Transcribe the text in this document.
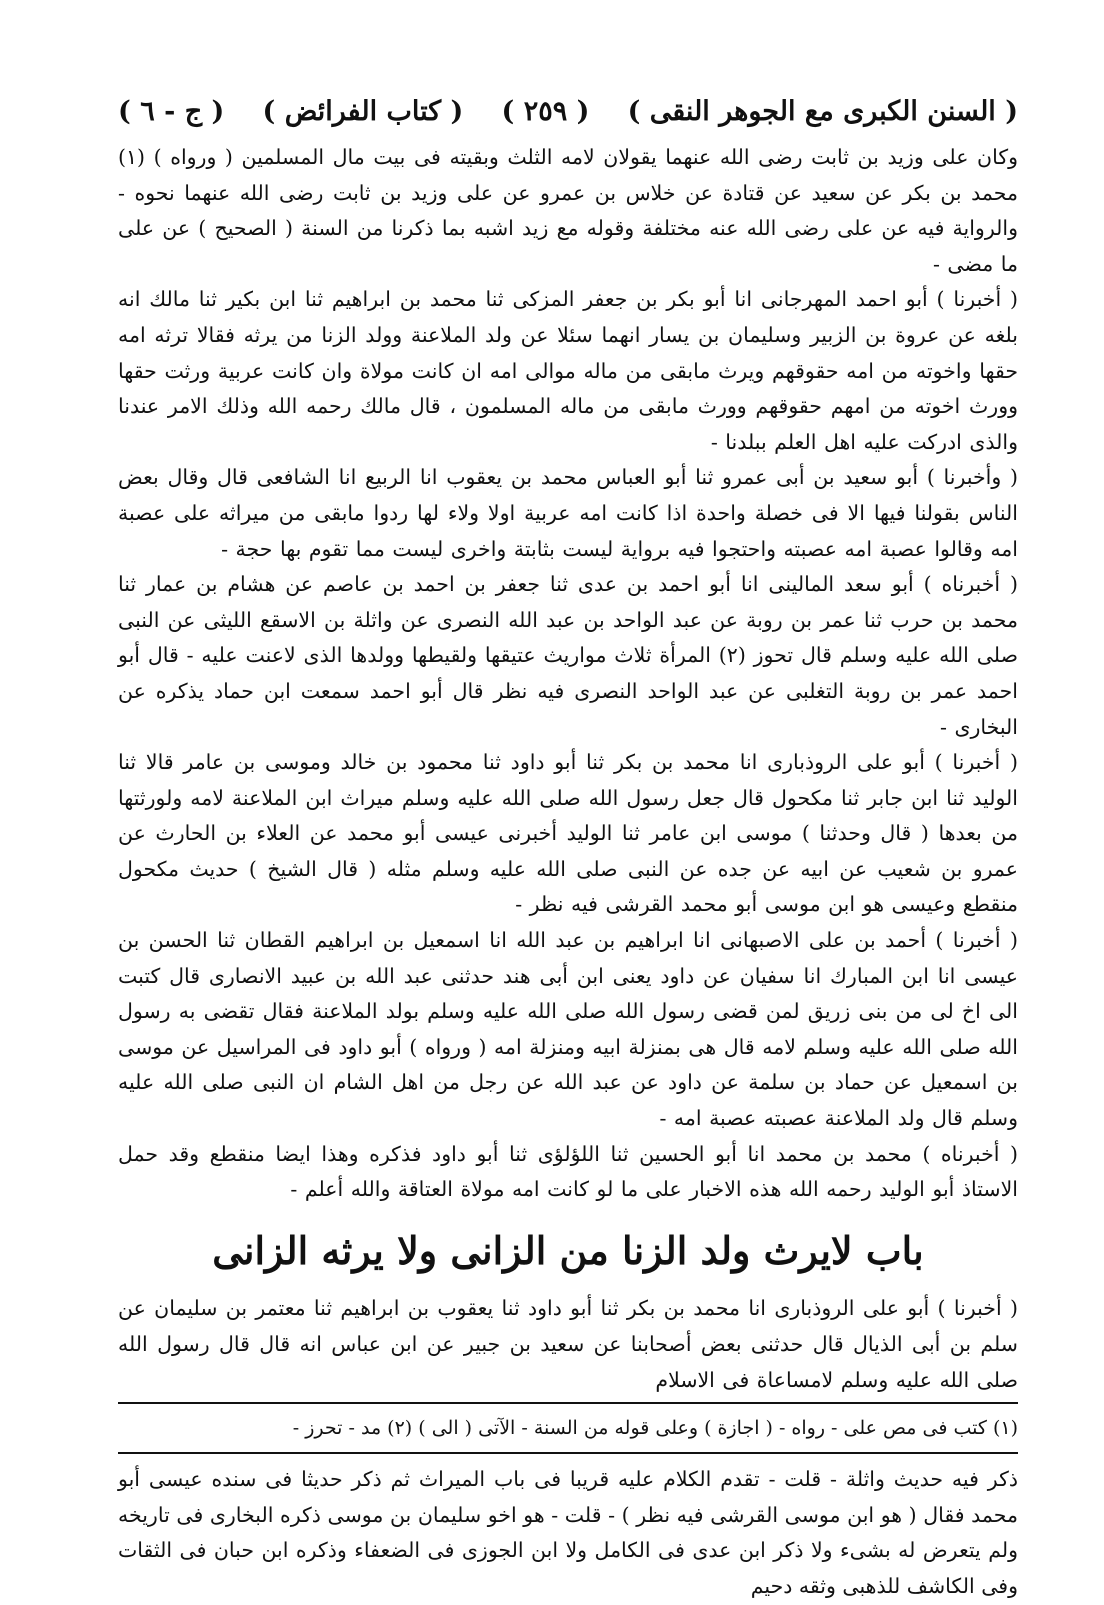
( السنن الكبرى مع الجوهر النقى )
( ٢٥٩ )
( كتاب الفرائض )
( ج - ٦ )

وكان على وزيد بن ثابت رضى الله عنهما يقولان لامه الثلث وبقيته فى بيت مال المسلمين ( ورواه ) (١) محمد بن بكر عن سعيد عن قتادة عن خلاس بن عمرو عن على وزيد بن ثابت رضى الله عنهما نحوه - والرواية فيه عن على رضى الله عنه مختلفة وقوله مع زيد اشبه بما ذكرنا من السنة ( الصحيح ) عن على ما مضى -

( أخبرنا ) أبو احمد المهرجانى انا أبو بكر بن جعفر المزكى ثنا محمد بن ابراهيم ثنا ابن بكير ثنا مالك انه بلغه عن عروة بن الزبير وسليمان بن يسار انهما سئلا عن ولد الملاعنة وولد الزنا من يرثه فقالا ترثه امه حقها واخوته من امه حقوقهم ويرث مابقى من ماله موالى امه ان كانت مولاة وان كانت عربية ورثت حقها وورث اخوته من امهم حقوقهم وورث مابقى من ماله المسلمون ، قال مالك رحمه الله وذلك الامر عندنا والذى ادركت عليه اهل العلم ببلدنا -

( وأخبرنا ) أبو سعيد بن أبى عمرو ثنا أبو العباس محمد بن يعقوب انا الربيع انا الشافعى قال وقال بعض الناس بقولنا فيها الا فى خصلة واحدة اذا كانت امه عربية اولا ولاء لها ردوا مابقى من ميراثه على عصبة امه وقالوا عصبة امه عصبته واحتجوا فيه برواية ليست بثابتة واخرى ليست مما تقوم بها حجة -

( أخبرناه ) أبو سعد المالينى انا أبو احمد بن عدى ثنا جعفر بن احمد بن عاصم عن هشام بن عمار ثنا محمد بن حرب ثنا عمر بن روبة عن عبد الواحد بن عبد الله النصرى عن واثلة بن الاسقع الليثى عن النبى صلى الله عليه وسلم قال تحوز (٢) المرأة ثلاث مواريث عتيقها ولقيطها وولدها الذى لاعنت عليه - قال أبو احمد عمر بن روبة التغلبى عن عبد الواحد النصرى فيه نظر قال أبو احمد سمعت ابن حماد يذكره عن البخارى -

( أخبرنا ) أبو على الروذبارى انا محمد بن بكر ثنا أبو داود ثنا محمود بن خالد وموسى بن عامر قالا ثنا الوليد ثنا ابن جابر ثنا مكحول قال جعل رسول الله صلى الله عليه وسلم ميراث ابن الملاعنة لامه ولورثتها من بعدها ( قال وحدثنا ) موسى ابن عامر ثنا الوليد أخبرنى عيسى أبو محمد عن العلاء بن الحارث عن عمرو بن شعيب عن ابيه عن جده عن النبى صلى الله عليه وسلم مثله ( قال الشيخ ) حديث مكحول منقطع وعيسى هو ابن موسى أبو محمد القرشى فيه نظر -

( أخبرنا ) أحمد بن على الاصبهانى انا ابراهيم بن عبد الله انا اسمعيل بن ابراهيم القطان ثنا الحسن بن عيسى انا ابن المبارك انا سفيان عن داود يعنى ابن أبى هند حدثنى عبد الله بن عبيد الانصارى قال كتبت الى اخ لى من بنى زريق لمن قضى رسول الله صلى الله عليه وسلم بولد الملاعنة فقال تقضى به رسول الله صلى الله عليه وسلم لامه قال هى بمنزلة ابيه ومنزلة امه ( ورواه ) أبو داود فى المراسيل عن موسى بن اسمعيل عن حماد بن سلمة عن داود عن عبد الله عن رجل من اهل الشام ان النبى صلى الله عليه وسلم قال ولد الملاعنة عصبته عصبة امه -

( أخبرناه ) محمد بن محمد انا أبو الحسين ثنا اللؤلؤى ثنا أبو داود فذكره وهذا ايضا منقطع وقد حمل الاستاذ أبو الوليد رحمه الله هذه الاخبار على ما لو كانت امه مولاة العتاقة والله أعلم -

باب لايرث ولد الزنا من الزانى ولا يرثه الزانى

( أخبرنا ) أبو على الروذبارى انا محمد بن بكر ثنا أبو داود ثنا يعقوب بن ابراهيم ثنا معتمر بن سليمان عن سلم بن أبى الذيال قال حدثنى بعض أصحابنا عن سعيد بن جبير عن ابن عباس انه قال قال رسول الله صلى الله عليه وسلم لامساعاة فى الاسلام

(١) كتب فى مص على - رواه - ( اجازة ) وعلى قوله من السنة - الآتى ( الى ) (٢) مد - تحرز -

ذكر فيه حديث واثلة - قلت - تقدم الكلام عليه قريبا فى باب الميراث ثم ذكر حديثا فى سنده عيسى أبو محمد فقال ( هو ابن موسى القرشى فيه نظر ) - قلت - هو اخو سليمان بن موسى ذكره البخارى فى تاريخه ولم يتعرض له بشىء ولا ذكر ابن عدى فى الكامل ولا ابن الجوزى فى الضعفاء وذكره ابن حبان فى الثقات وفى الكاشف للذهبى وثقه دحيم
